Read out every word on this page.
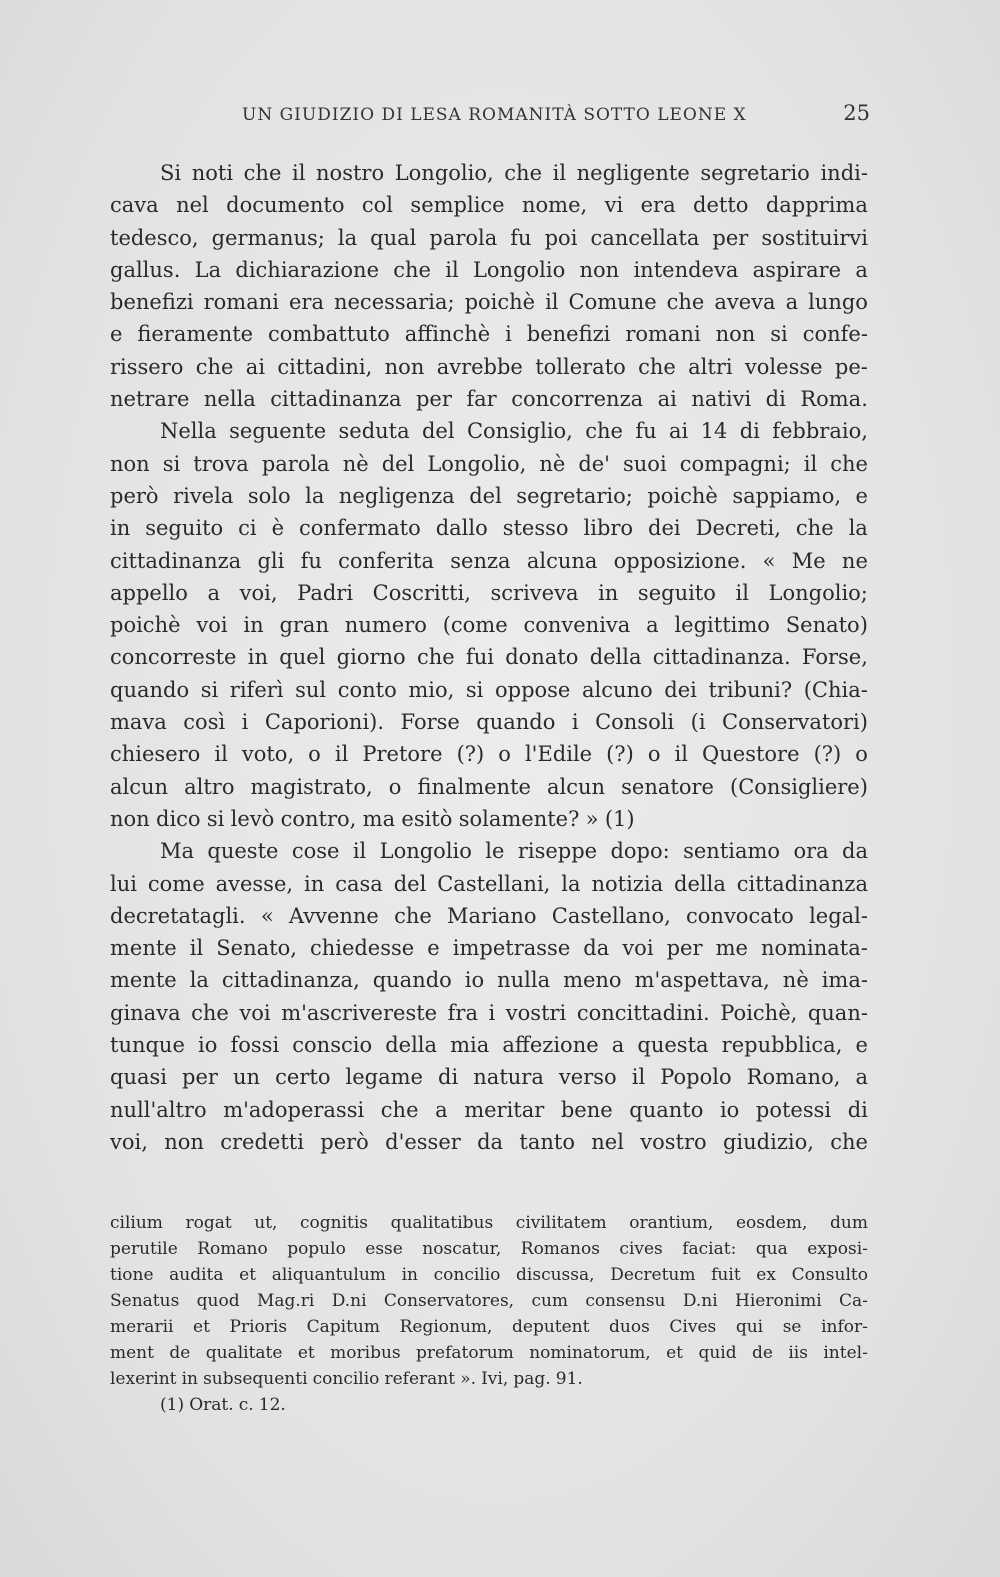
UN GIUDIZIO DI LESA ROMANITÀ SOTTO LEONE X	25
Si noti che il nostro Longolio, che il negligente segretario indi-
cava nel documento col semplice nome, vi era detto dapprima
tedesco, germanus; la qual parola fu poi cancellata per sostituirvi
gallus. La dichiarazione che il Longolio non intendeva aspirare a
benefizi romani era necessaria; poichè il Comune che aveva a lungo
e fieramente combattuto affinchè i benefizi romani non si confe-
rissero che ai cittadini, non avrebbe tollerato che altri volesse pe-
netrare nella cittadinanza per far concorrenza ai nativi di Roma.
Nella seguente seduta del Consiglio, che fu ai 14 di febbraio,
non si trova parola nè del Longolio, nè de' suoi compagni; il che
però rivela solo la negligenza del segretario; poichè sappiamo, e
in seguito ci è confermato dallo stesso libro dei Decreti, che la
cittadinanza gli fu conferita senza alcuna opposizione. « Me ne
appello a voi, Padri Coscritti, scriveva in seguito il Longolio;
poichè voi in gran numero (come conveniva a legittimo Senato)
concorreste in quel giorno che fui donato della cittadinanza. Forse,
quando si riferì sul conto mio, si oppose alcuno dei tribuni? (Chia-
mava così i Caporioni). Forse quando i Consoli (i Conservatori)
chiesero il voto, o il Pretore (?) o l'Edile (?) o il Questore (?) o
alcun altro magistrato, o finalmente alcun senatore (Consigliere)
non dico si levò contro, ma esitò solamente? » (1)
Ma queste cose il Longolio le riseppe dopo: sentiamo ora da
lui come avesse, in casa del Castellani, la notizia della cittadinanza
decretatagli. « Avvenne che Mariano Castellano, convocato legal-
mente il Senato, chiedesse e impetrasse da voi per me nominata-
mente la cittadinanza, quando io nulla meno m'aspettava, nè ima-
ginava che voi m'ascrivereste fra i vostri concittadini. Poichè, quan-
tunque io fossi conscio della mia affezione a questa repubblica, e
quasi per un certo legame di natura verso il Popolo Romano, a
null'altro m'adoperassi che a meritar bene quanto io potessi di
voi, non credetti però d'esser da tanto nel vostro giudizio, che
cilium rogat ut, cognitis qualitatibus civilitatem orantium, eosdem, dum
perutile Romano populo esse noscatur, Romanos cives faciat: qua exposi-
tione audita et aliquantulum in concilio discussa, Decretum fuit ex Consulto
Senatus quod Mag.ri D.ni Conservatores, cum consensu D.ni Hieronimi Ca-
merarii et Prioris Capitum Regionum, deputent duos Cives qui se infor-
ment de qualitate et moribus prefatorum nominatorum, et quid de iis intel-
lexerint in subsequenti concilio referant ». Ivi, pag. 91.
(1) Orat. c. 12.
